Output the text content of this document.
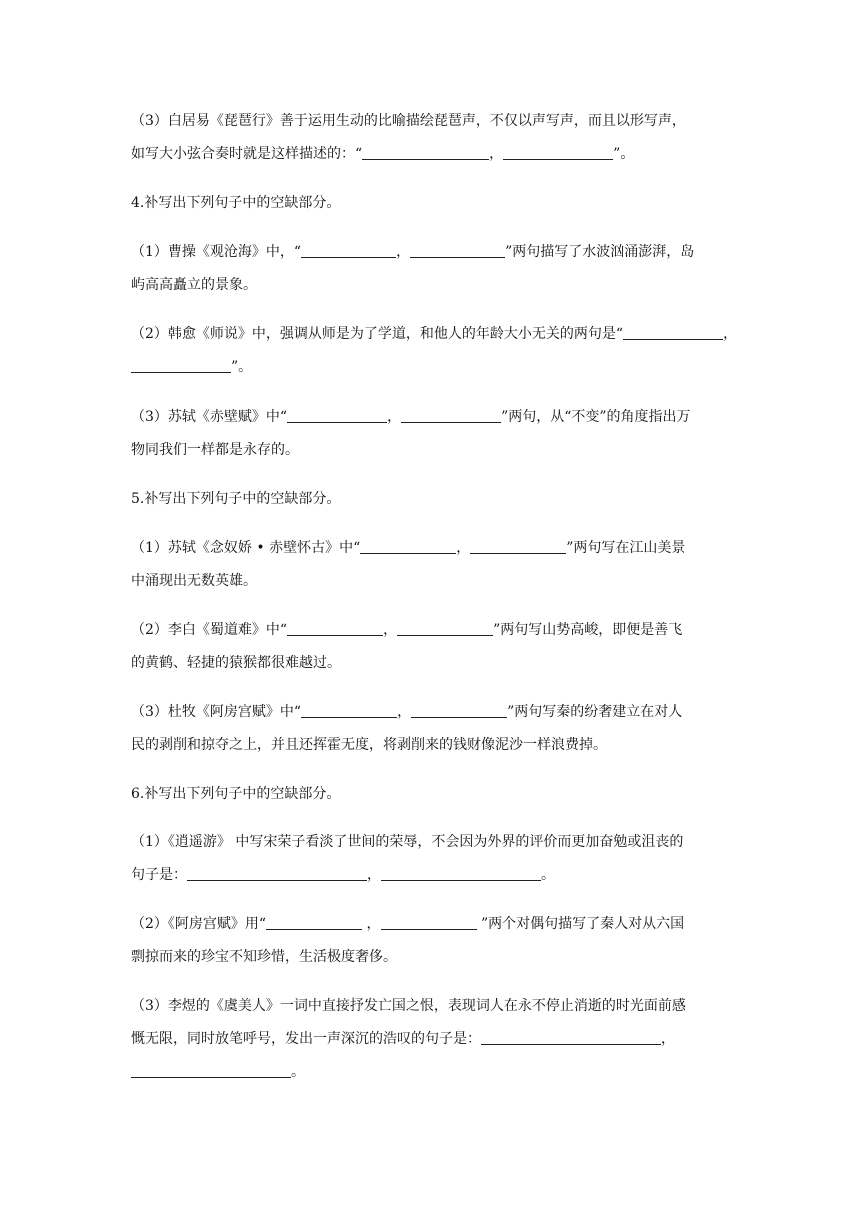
（3）白居易《琵琶行》善于运用生动的比喻描绘琵琶声，不仅以声写声，而且以形写声，
如写大小弦合奏时就是这样描述的：“	，	”。

4.补写出下列句子中的空缺部分。

（1）曹操《观沧海》中，“	，	”两句描写了水波汹涌澎湃，岛
屿高高矗立的景象。

（2）韩愈《师说》中，强调从师是为了学道，和他人的年龄大小无关的两句是“	，
”。

（3）苏轼《赤壁赋》中“	，	”两句，从“不变”的角度指出万
物同我们一样都是永存的。

5.补写出下列句子中的空缺部分。

（1）苏轼《念奴娇 • 赤壁怀古》中“	，	”两句写在江山美景
中涌现出无数英雄。

（2）李白《蜀道难》中“	，	”两句写山势高峻，即便是善飞
的黄鹤、轻捷的猿猴都很难越过。

（3）杜牧《阿房宫赋》中“	，	”两句写秦的纷奢建立在对人
民的剥削和掠夺之上，并且还挥霍无度，将剥削来的钱财像泥沙一样浪费掉。

6.补写出下列句子中的空缺部分。

（1）《逍遥游》 中写宋荣子看淡了世间的荣辱，不会因为外界的评价而更加奋勉或沮丧的
句子是：	，	。

（2）《阿房宫赋》用“	，	”两个对偶句描写了秦人对从六国
剽掠而来的珍宝不知珍惜，生活极度奢侈。

（3）李煜的《虞美人》一词中直接抒发亡国之恨，表现词人在永不停止消逝的时光面前感
慨无限，同时放笔呼号，发出一声深沉的浩叹的句子是：	，
。
